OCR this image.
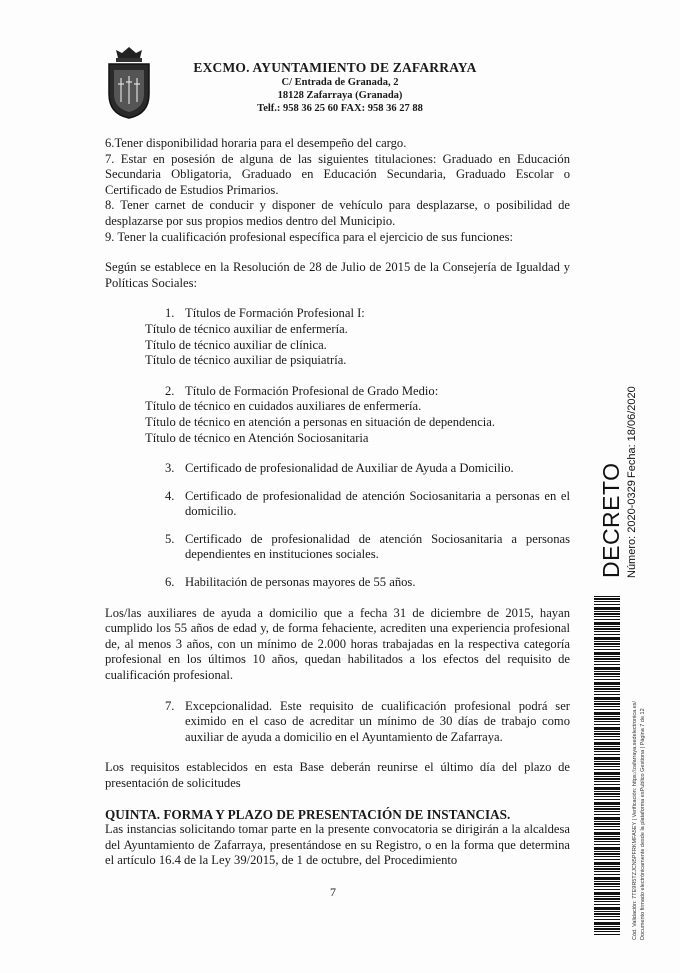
EXCMO. AYUNTAMIENTO DE ZAFARRAYA
C/ Entrada de Granada, 2
18128 Zafarraya (Granada)
Telf.: 958 36 25 60 FAX: 958 36 27 88

6.Tener disponibilidad horaria para el desempeño del cargo.

7. Estar en posesión de alguna de las siguientes titulaciones: Graduado en Educación Secundaria Obligatoria, Graduado en Educación Secundaria, Graduado Escolar o Certificado de Estudios Primarios.

8. Tener carnet de conducir y disponer de vehículo para desplazarse, o posibilidad de desplazarse por sus propios medios dentro del Municipio.

9. Tener la cualificación profesional específica para el ejercicio de sus funciones:

Según se establece en la Resolución de 28 de Julio de 2015 de la Consejería de Igualdad y Políticas Sociales:

1. Títulos de Formación Profesional I:
Título de técnico auxiliar de enfermería.
Título de técnico auxiliar de clínica.
Título de técnico auxiliar de psiquiatría.
2. Título de Formación Profesional de Grado Medio:
Título de técnico en cuidados auxiliares de enfermería.
Título de técnico en atención a personas en situación de dependencia.
Título de técnico en Atención Sociosanitaria
3. Certificado de profesionalidad de Auxiliar de Ayuda a Domicilio.
4. Certificado de profesionalidad de atención Sociosanitaria a personas en el domicilio.
5. Certificado de profesionalidad de atención Sociosanitaria a personas dependientes en instituciones sociales.
6. Habilitación de personas mayores de 55 años.

Los/las auxiliares de ayuda a domicilio que a fecha 31 de diciembre de 2015, hayan cumplido los 55 años de edad y, de forma fehaciente, acrediten una experiencia profesional de, al menos 3 años, con un mínimo de 2.000 horas trabajadas en la respectiva categoría profesional en los últimos 10 años, quedan habilitados a los efectos del requisito de cualificación profesional.

7. Excepcionalidad. Este requisito de cualificación profesional podrá ser eximido en el caso de acreditar un mínimo de 30 días de trabajo como auxiliar de ayuda a domicilio en el Ayuntamiento de Zafarraya.

Los requisitos establecidos en esta Base deberán reunirse el último día del plazo de presentación de solicitudes

QUINTA. FORMA Y PLAZO DE PRESENTACIÓN DE INSTANCIAS.

Las instancias solicitando tomar parte en la presente convocatoria se dirigirán a la alcaldesa del Ayuntamiento de Zafarraya, presentándose en su Registro, o en la forma que determina el artículo 16.4 de la Ley 39/2015, de 1 de octubre, del Procedimiento

7
DECRETO Número: 2020-0329
Fecha: 18/06/2020
Cód. Validación: 7TE9R5TZJCN5PFRKMFA5EY | Verificación: https://zafarraya.sedelectronica.es/ Documento firmado electrónicamente desde la plataforma esPublico Gestiona | Página 7 de 12
